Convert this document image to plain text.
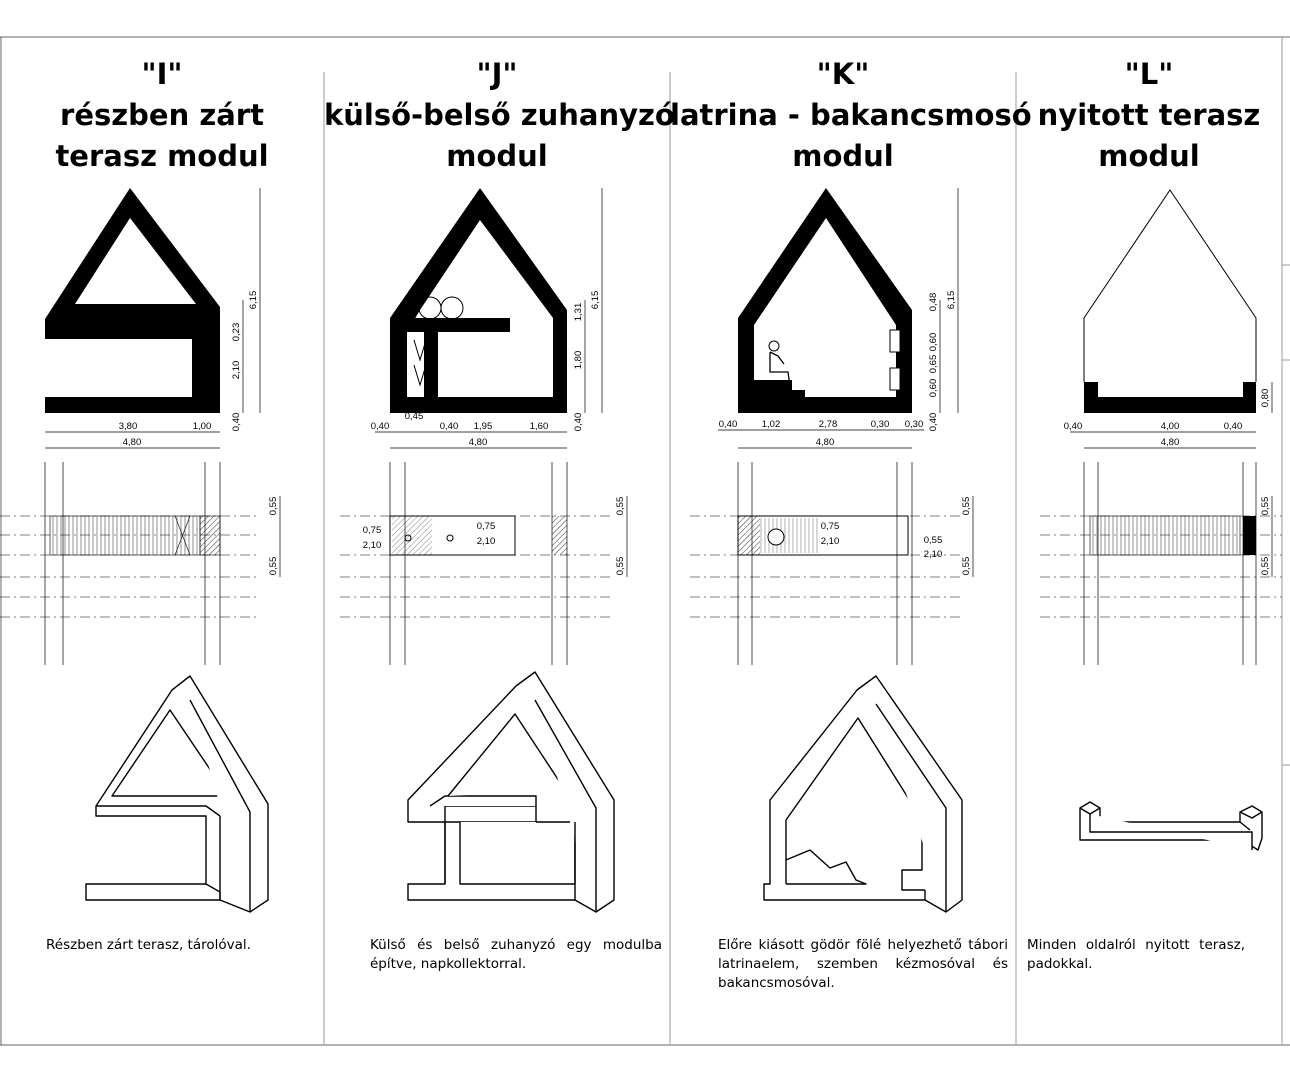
"I"
részben zárt
terasz modul
Részben zárt terasz, tárolóval.
"J"
külső-belső zuhanyzó
modul
Külső és belső zuhanyzó egy modulba építve, napkollektorral.
"K"
latrina - bakancsmosó
modul
Előre kiásott gödör fölé helyezhető tábori latrinaelem, szemben kézmosóval és bakancsmosóval.
"L"
nyitott terasz
modul
Minden oldalról nyitott terasz, padokkal.
6,15
0,23
2,10
0,40
3,80	1,00
4,80
0,55
0,55
6,15
1,31
1,80
0,40
0,40
0,45
0,40 1,95	1,60
4,80
0,55
0,55
0,75
2,10
0,75
2,10
6,15
0,48
0,60
0,65
0,60
0,40
0,40	1,02	2,78	0,30 0,30
4,80
0,55
0,55
0,75
2,10	0,55
2,10
0,80
0,40	4,00	0,40
4,80
0,55
0,55
